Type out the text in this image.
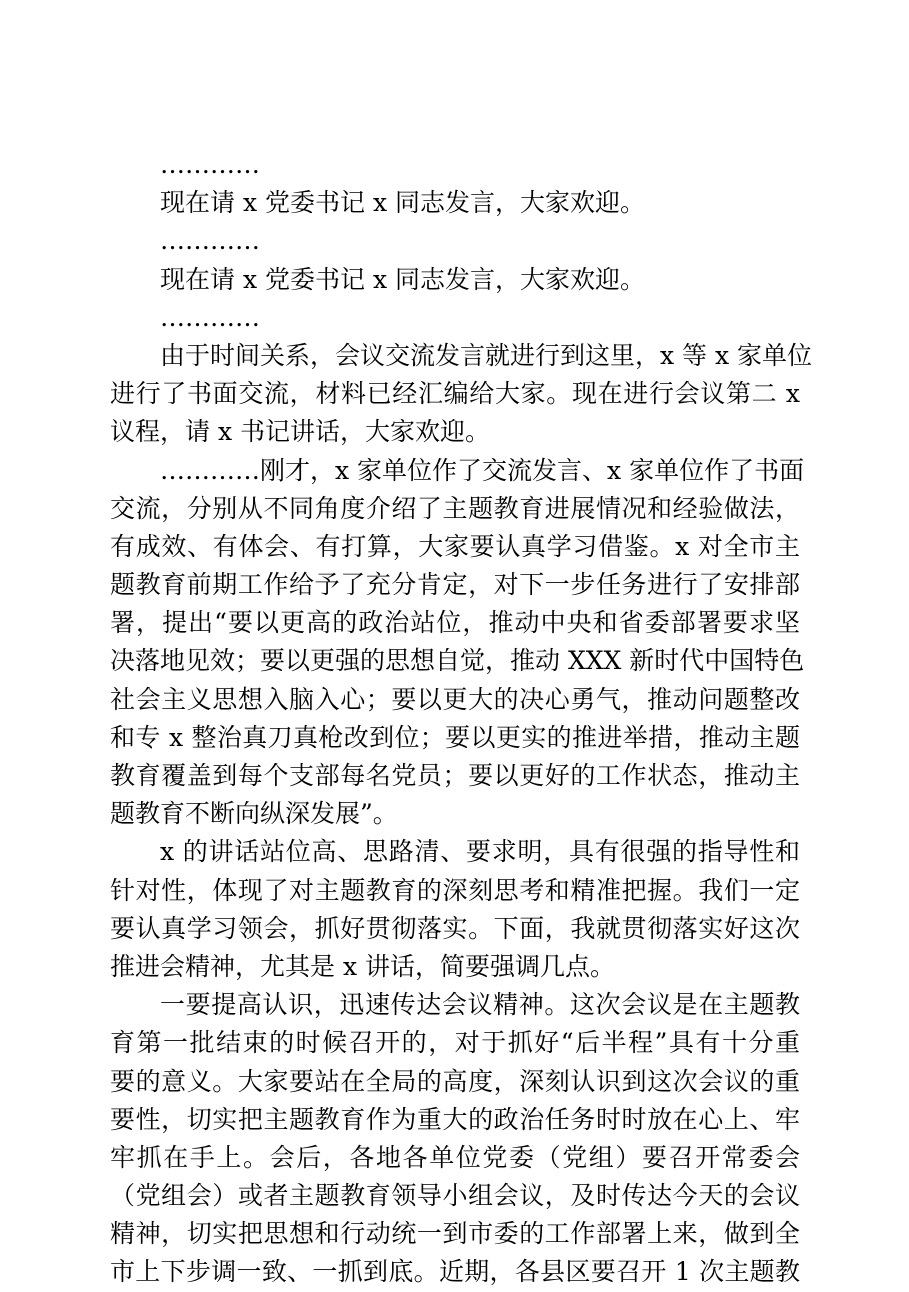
…………
现在请 x 党委书记 x 同志发言，大家欢迎。
…………
现在请 x 党委书记 x 同志发言，大家欢迎。
…………
由于时间关系，会议交流发言就进行到这里，x 等 x 家单位
进行了书面交流，材料已经汇编给大家。现在进行会议第二 x
议程，请 x 书记讲话，大家欢迎。
…………刚才，x 家单位作了交流发言、x 家单位作了书面
交流，分别从不同角度介绍了主题教育进展情况和经验做法，
有成效、有体会、有打算，大家要认真学习借鉴。x 对全市主
题教育前期工作给予了充分肯定，对下一步任务进行了安排部
署，提出“要以更高的政治站位，推动中央和省委部署要求坚
决落地见效；要以更强的思想自觉，推动 XXX 新时代中国特色
社会主义思想入脑入心；要以更大的决心勇气，推动问题整改
和专 x 整治真刀真枪改到位；要以更实的推进举措，推动主题
教育覆盖到每个支部每名党员；要以更好的工作状态，推动主
题教育不断向纵深发展”。
x 的讲话站位高、思路清、要求明，具有很强的指导性和
针对性，体现了对主题教育的深刻思考和精准把握。我们一定
要认真学习领会，抓好贯彻落实。下面，我就贯彻落实好这次
推进会精神，尤其是 x 讲话，简要强调几点。
一要提高认识，迅速传达会议精神。这次会议是在主题教
育第一批结束的时候召开的，对于抓好“后半程”具有十分重
要的意义。大家要站在全局的高度，深刻认识到这次会议的重
要性，切实把主题教育作为重大的政治任务时时放在心上、牢
牢抓在手上。会后，各地各单位党委（党组）要召开常委会
（党组会）或者主题教育领导小组会议，及时传达今天的会议
精神，切实把思想和行动统一到市委的工作部署上来，做到全
市上下步调一致、一抓到底。近期，各县区要召开 1 次主题教
